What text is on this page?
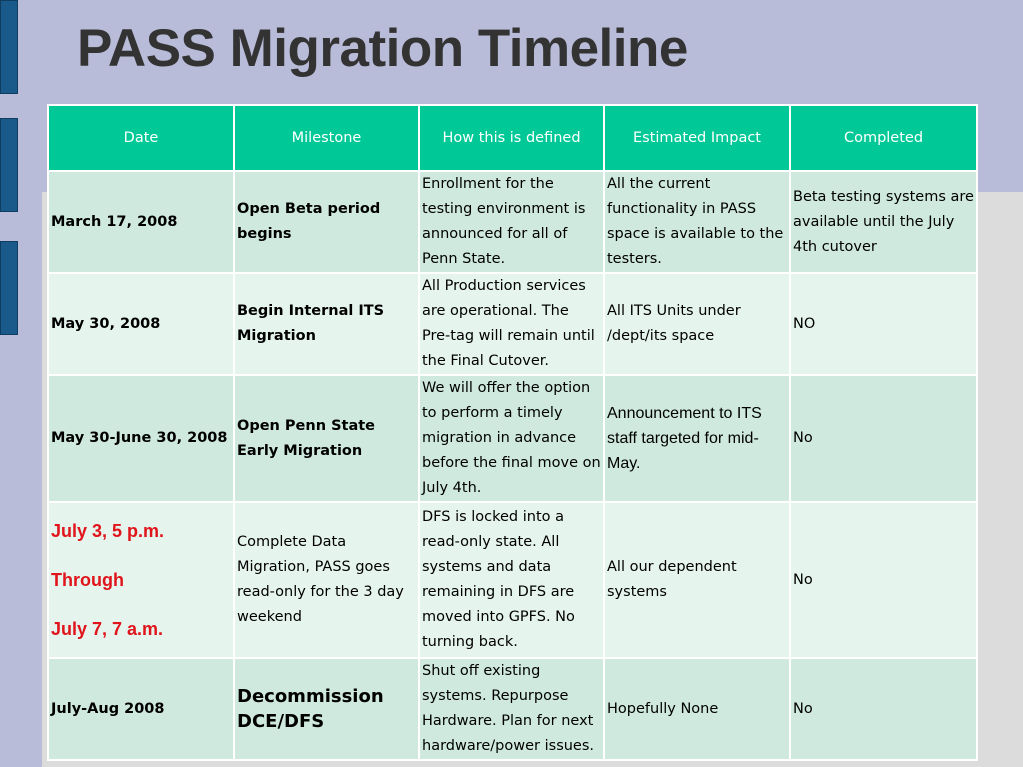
PASS Migration Timeline
Date	Milestone	How this is defined	Estimated Impact	Completed
March 17, 2008	Open Beta period begins	Enrollment for the testing environment is announced for all of Penn State.	All the current functionality in PASS space is available to the testers.	Beta testing systems are available until the July 4th cutover
May 30, 2008	Begin Internal ITS Migration	All Production services are operational. The Pre-tag will remain until the Final Cutover.	All ITS Units under /dept/its space	NO
May 30-June 30, 2008	Open Penn State Early Migration	We will offer the option to perform a timely migration in advance before the final move on July 4th.	Announcement to ITS staff targeted for mid-May.	No

July 3, 5 p.m.
Through
July 7, 7 a.m.	Complete Data Migration, PASS goes read-only for the 3 day weekend	DFS is locked into a read-only state. All systems and data remaining in DFS are moved into GPFS. No turning back.	All our dependent systems	No
July-Aug 2008	Decommission DCE/DFS	Shut off existing systems. Repurpose Hardware. Plan for next hardware/power issues.	Hopefully None	No
